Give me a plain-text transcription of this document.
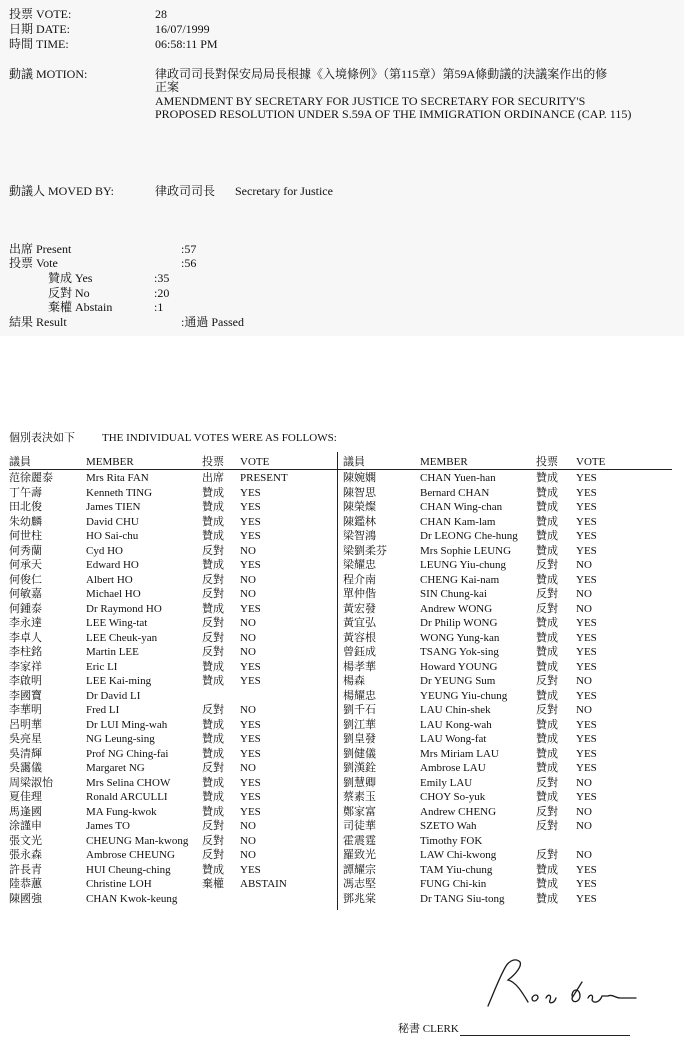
投票 VOTE:	28
日期 DATE:	16/07/1999
時間 TIME:	06:58:11 PM
動議 MOTION:	律政司司長對保安局局長根據《入境條例》（第115章）第59A條動議的決議案作出的修
正案
AMENDMENT BY SECRETARY FOR JUSTICE TO SECRETARY FOR SECURITY'S
PROPOSED RESOLUTION UNDER S.59A OF THE IMMIGRATION ORDINANCE (CAP. 115)
動議人 MOVED BY:	律政司司長 Secretary for Justice
出席 Present	:57
投票 Vote	:56
贊成 Yes	:35
反對 No	:20
棄權 Abstain	:1
結果 Result	:通過 Passed
個別表決如下 THE INDIVIDUAL VOTES WERE AS FOLLOWS:
議員	MEMBER	投票 VOTE	議員	MEMBER	投票 VOTE
范徐麗泰	Mrs Rita FAN	出席 PRESENT
丁午壽	Kenneth TING	贊成 YES
田北俊	James TIEN	贊成 YES
朱幼麟	David CHU	贊成 YES
何世柱	HO Sai-chu	贊成 YES
何秀蘭	Cyd HO	反對 NO
何承天	Edward HO	贊成 YES
何俊仁	Albert HO	反對 NO
何敏嘉	Michael HO	反對 NO
何鍾泰	Dr Raymond HO	贊成 YES
李永達	LEE Wing-tat	反對 NO
李卓人	LEE Cheuk-yan	反對 NO
李柱銘	Martin LEE	反對 NO
李家祥	Eric LI	贊成 YES
李啟明	LEE Kai-ming	贊成 YES
李國寶	Dr David LI
李華明	Fred LI	反對 NO
呂明華	Dr LUI Ming-wah	贊成 YES
吳亮星	NG Leung-sing	贊成 YES
吳清輝	Prof NG Ching-fai	贊成 YES
吳靄儀	Margaret NG	反對 NO
周梁淑怡	Mrs Selina CHOW	贊成 YES
夏佳理	Ronald ARCULLI	贊成 YES
馬逢國	MA Fung-kwok	贊成 YES
涂謹申	James TO	反對 NO
張文光	CHEUNG Man-kwong 反對 NO
張永森	Ambrose CHEUNG 反對 NO
許長青	HUI Cheung-ching	贊成 YES
陸恭蕙	Christine LOH	棄權 ABSTAIN
陳國強	CHAN Kwok-keung
陳婉嫻	CHAN Yuen-han	贊成 YES
陳智思	Bernard CHAN	贊成 YES
陳榮燦	CHAN Wing-chan	贊成 YES
陳鑑林	CHAN Kam-lam	贊成 YES
梁智鴻	Dr LEONG Che-hung 贊成 YES
梁劉柔芬	Mrs Sophie LEUNG 贊成 YES
梁耀忠	LEUNG Yiu-chung	反對 NO
程介南	CHENG Kai-nam	贊成 YES
單仲偕	SIN Chung-kai	反對 NO
黃宏發	Andrew WONG	反對 NO
黃宜弘	Dr Philip WONG	贊成 YES
黃容根	WONG Yung-kan	贊成 YES
曾鈺成	TSANG Yok-sing	贊成 YES
楊孝華	Howard YOUNG	贊成 YES
楊森	Dr YEUNG Sum	反對 NO
楊耀忠	YEUNG Yiu-chung	贊成 YES
劉千石	LAU Chin-shek	反對 NO
劉江華	LAU Kong-wah	贊成 YES
劉皇發	LAU Wong-fat	贊成 YES
劉健儀	Mrs Miriam LAU	贊成 YES
劉漢銓	Ambrose LAU	贊成 YES
劉慧卿	Emily LAU	反對 NO
蔡素玉	CHOY So-yuk	贊成 YES
鄭家富	Andrew CHENG	反對 NO
司徒華	SZETO Wah	反對 NO
霍震霆	Timothy FOK
羅致光	LAW Chi-kwong	反對 NO
譚耀宗	TAM Yiu-chung	贊成 YES
馮志堅	FUNG Chi-kin	贊成 YES
鄧兆棠	Dr TANG Siu-tong	贊成 YES
秘書 CLERK
